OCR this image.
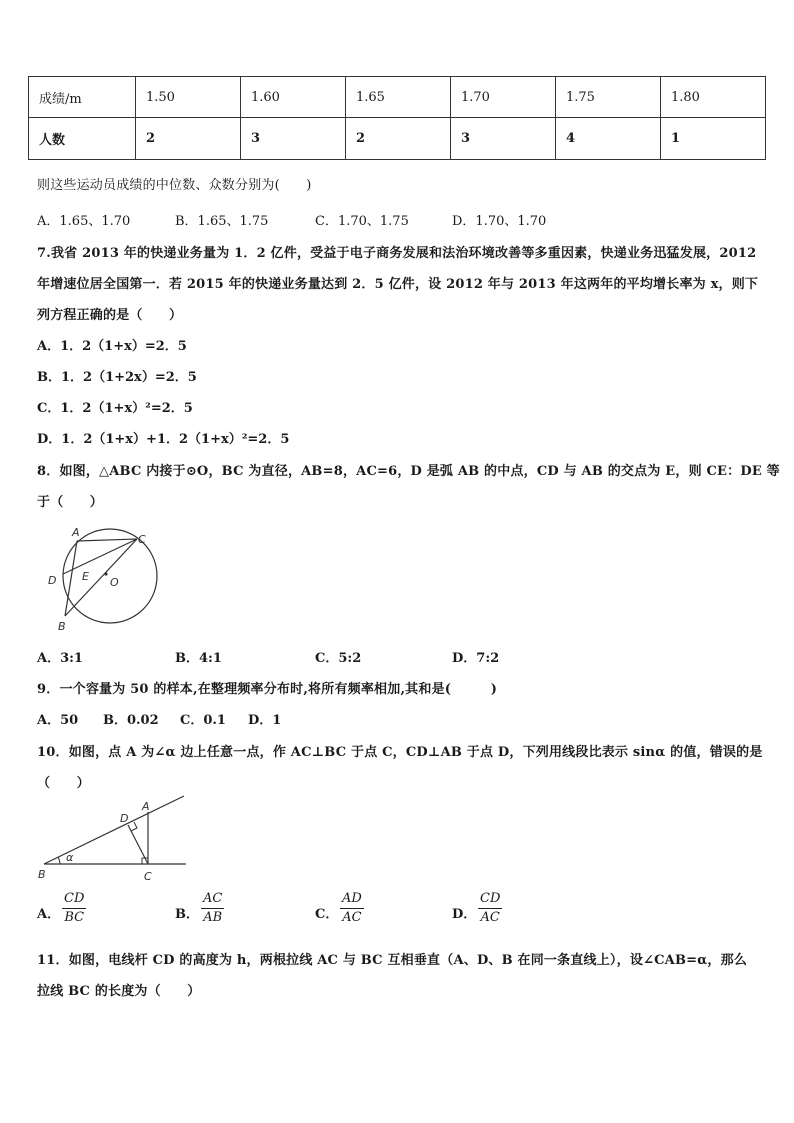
成绩/m	1.50	1.60	1.65	1.70	1.75	1.80
人数	2	3	2	3	4	1
则这些运动员成绩的中位数、众数分别为(　　)
A．1.65、1.70	B．1.65、1.75	C．1.70、1.75	D．1.70、1.70
7.我省 2013 年的快递业务量为 1．2 亿件，受益于电子商务发展和法治环境改善等多重因素，快递业务迅猛发展，2012
年增速位居全国第一．若 2015 年的快递业务量达到 2．5 亿件，设 2012 年与 2013 年这两年的平均增长率为 x，则下
列方程正确的是（　　）
A．1．2（1+x）=2．5
B．1．2（1+2x）=2．5
C．1．2（1+x）²=2．5
D．1．2（1+x）+1．2（1+x）²=2．5
8．如图，△ABC 内接于⊙O，BC 为直径，AB=8，AC=6，D 是弧 AB 的中点，CD 与 AB 的交点为 E，则 CE：DE 等
于（　　）
A
C
D E O
B
A．3:1	B．4:1	C．5:2	D．7:2
9．一个容量为 50 的样本,在整理频率分布时,将所有频率相加,其和是(　　　)
A．50 B．0.02 C．0.1 D．1
10．如图，点 A 为∠α 边上任意一点，作 AC⊥BC 于点 C，CD⊥AB 于点 D，下列用线段比表示 sinα 的值，错误的是
（　　）
D
A
α
B	C
A． $\frac{CD}{BC}$	B． $\frac{AC}{AB}$	C． $\frac{AD}{AC}$	D． $\frac{CD}{AC}$
11．如图，电线杆 CD 的高度为 h，两根拉线 AC 与 BC 互相垂直（A、D、B 在同一条直线上），设∠CAB=α，那么
拉线 BC 的长度为（　　）
